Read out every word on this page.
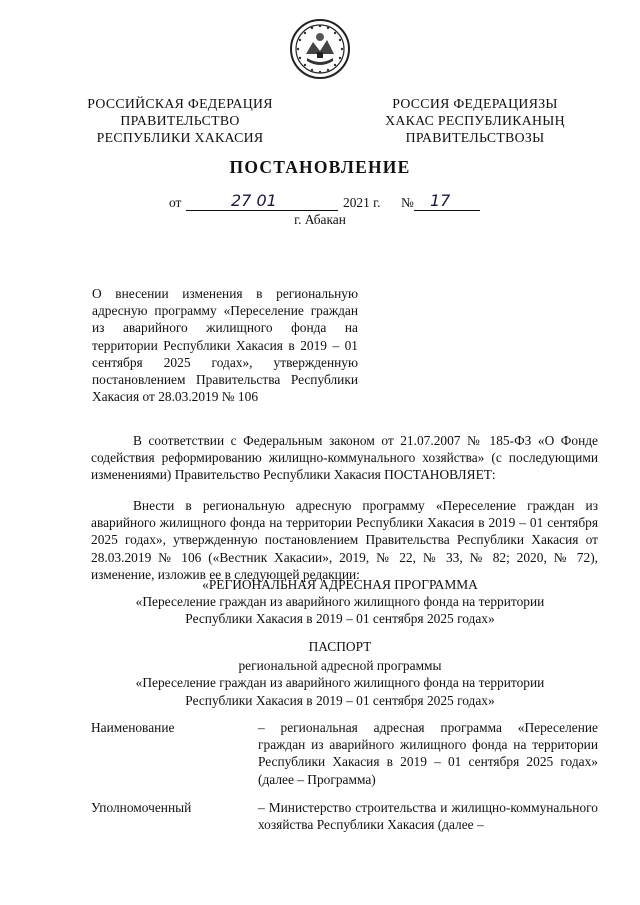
РОССИЙСКАЯ ФЕДЕРАЦИЯ
ПРАВИТЕЛЬСТВО
РЕСПУБЛИКИ ХАКАСИЯ
РОССИЯ ФЕДЕРАЦИЯЗЫ
ХАКАС РЕСПУБЛИКАНЫҢ
ПРАВИТЕЛЬСТВОЗЫ
ПОСТАНОВЛЕНИЕ
от	27 01	2021 г. № 17
г. Абакан
О внесении изменения в региональную адресную программу «Переселение граждан из аварийного жилищного фонда на территории Республики Хакасия в 2019 – 01 сентября 2025 годах», утвержденную постановлением Правительства Республики Хакасия от 28.03.2019 № 106
В соответствии с Федеральным законом от 21.07.2007 № 185-ФЗ «О Фонде содействия реформированию жилищно-коммунального хозяйства» (с последующими изменениями) Правительство Республики Хакасия ПОСТАНОВЛЯЕТ:
Внести в региональную адресную программу «Переселение граждан из аварийного жилищного фонда на территории Республики Хакасия в 2019 – 01 сентября 2025 годах», утвержденную постановлением Правительства Республики Хакасия от 28.03.2019 № 106 («Вестник Хакасии», 2019, № 22, № 33, № 82; 2020, № 72), изменение, изложив ее в следующей редакции:
«РЕГИОНАЛЬНАЯ АДРЕСНАЯ ПРОГРАММА
«Переселение граждан из аварийного жилищного фонда на территории
Республики Хакасия в 2019 – 01 сентября 2025 годах»
ПАСПОРТ
региональной адресной программы
«Переселение граждан из аварийного жилищного фонда на территории
Республики Хакасия в 2019 – 01 сентября 2025 годах»
Наименование	– региональная адресная программа «Переселение граждан из аварийного жилищного фонда на территории Республики Хакасия в 2019 – 01 сентября 2025 годах» (далее – Программа)
Уполномоченный	– Министерство строительства и жилищно-коммунального хозяйства Республики Хакасия (далее –
